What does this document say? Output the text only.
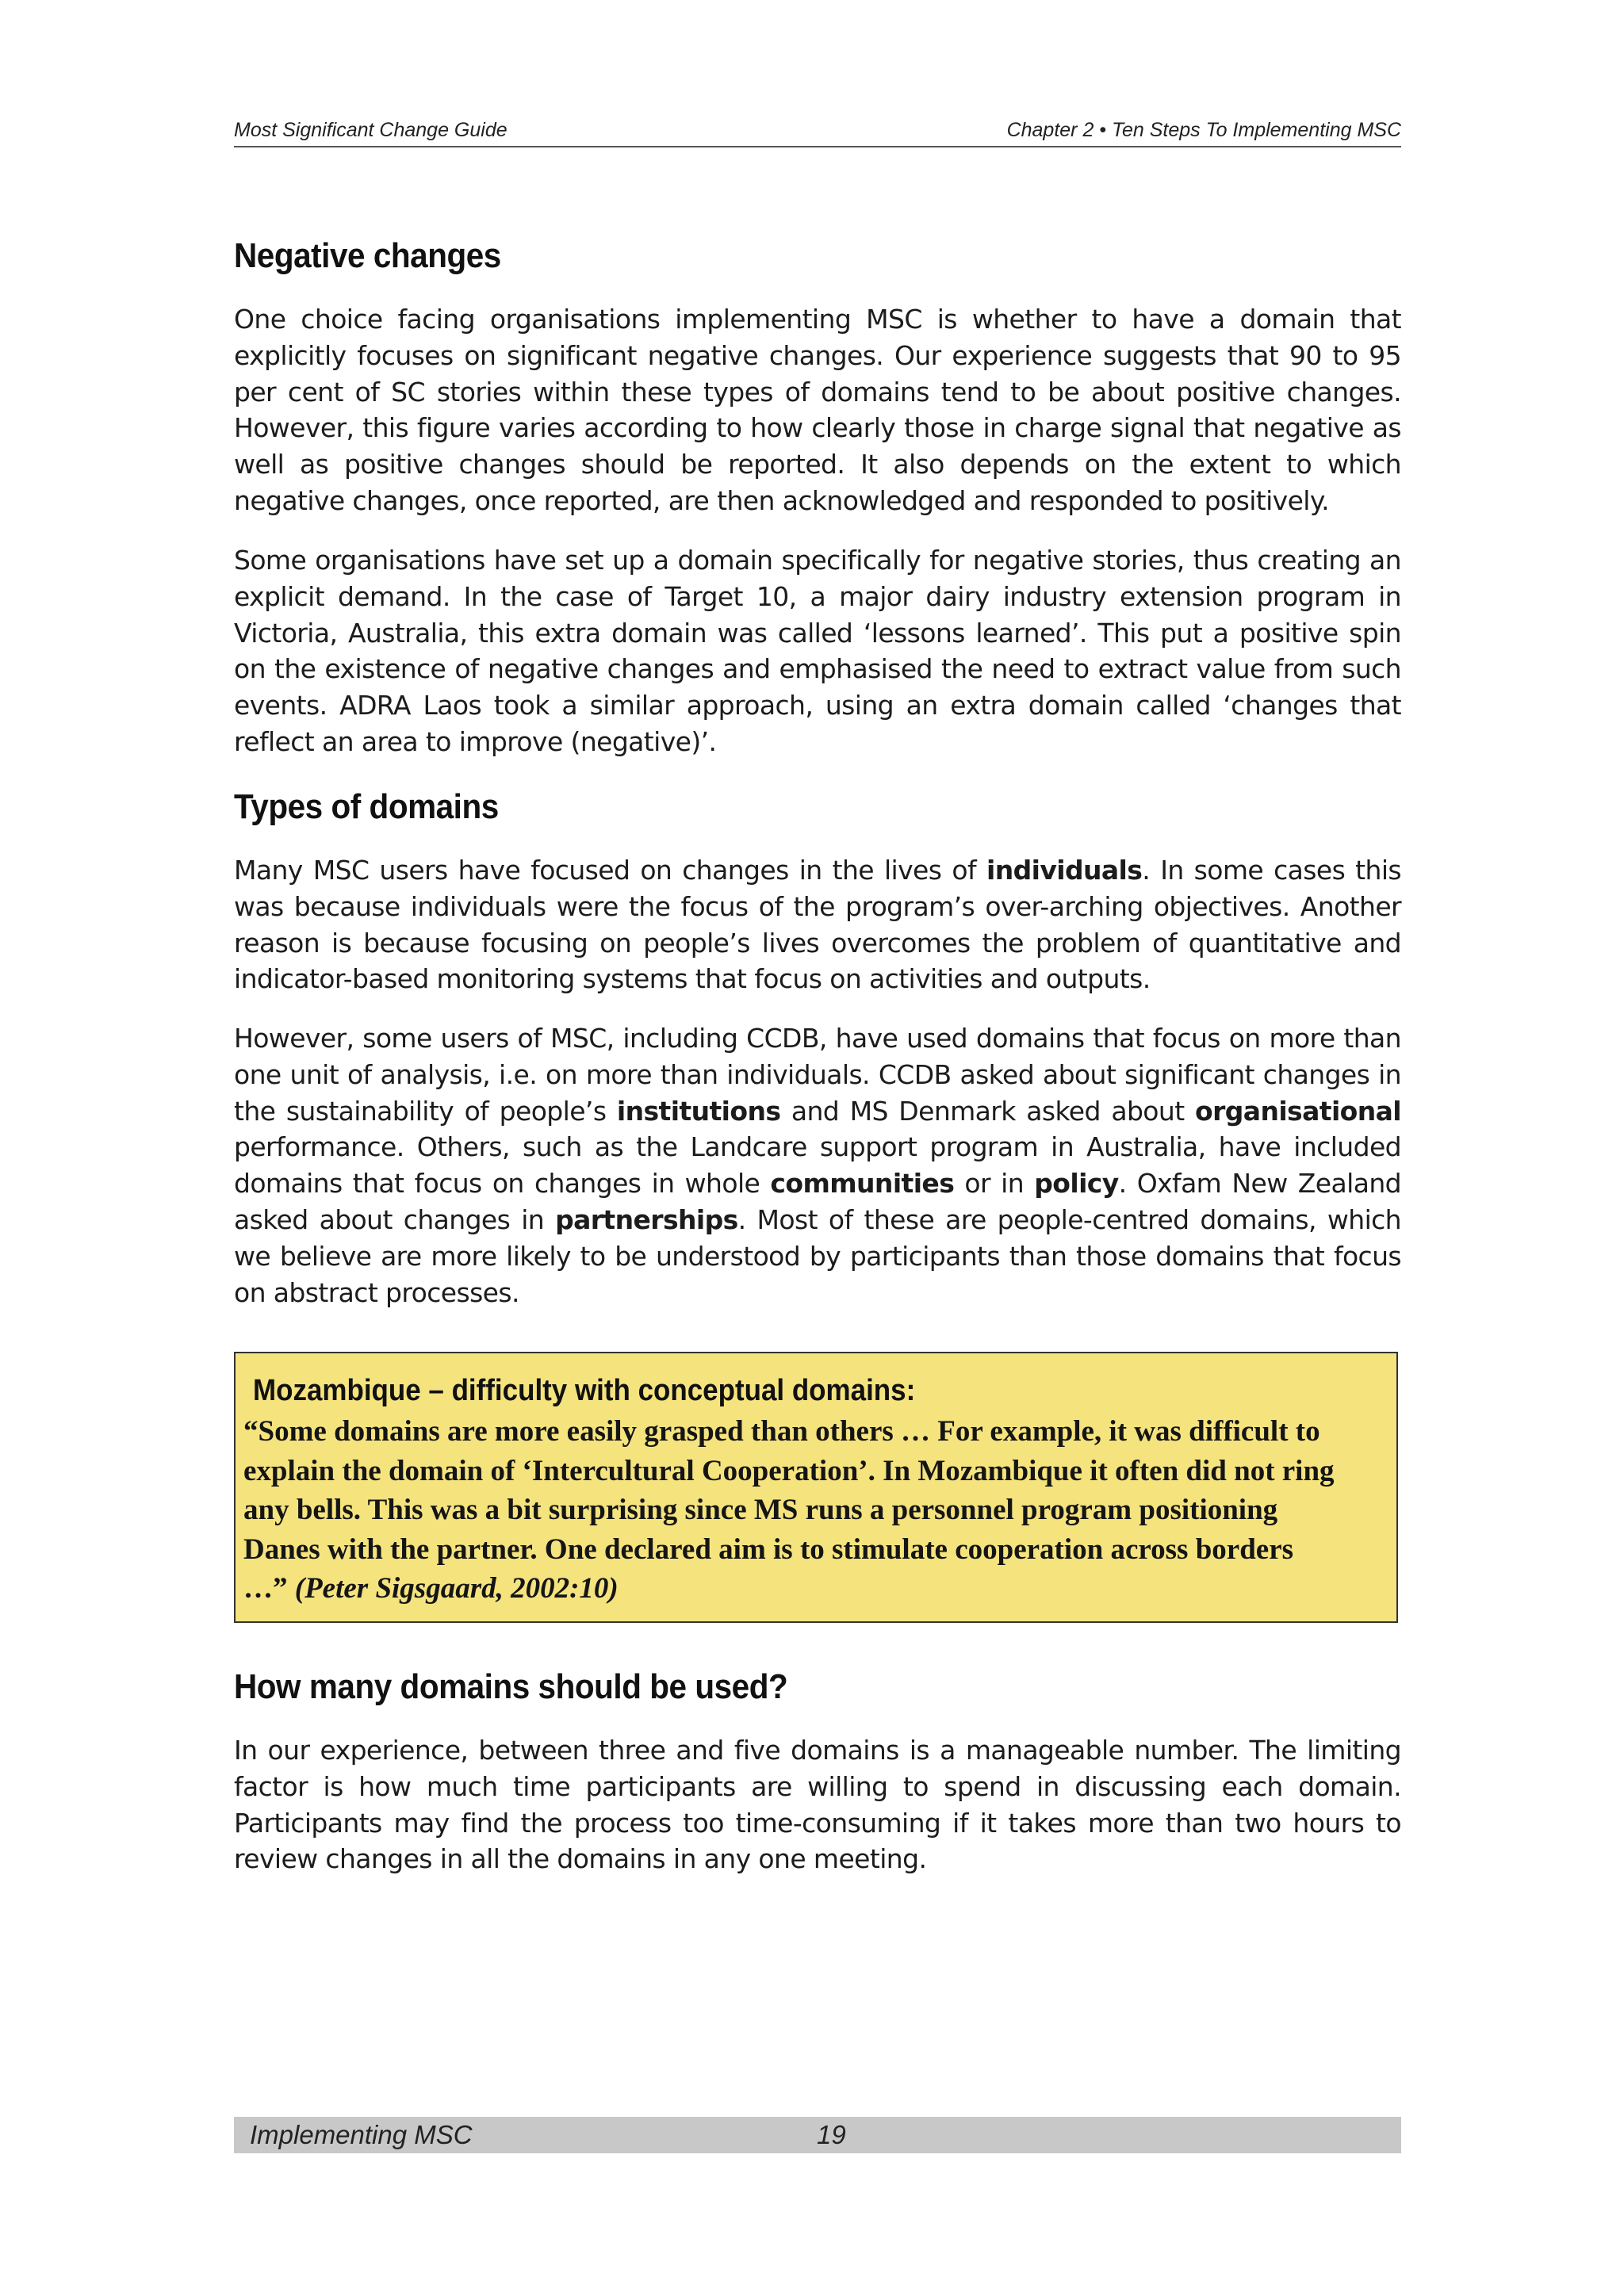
Most Significant Change Guide	Chapter 2 • Ten Steps To Implementing MSC
Negative changes

One choice facing organisations implementing MSC is whether to have a domain that explicitly focuses on significant negative changes. Our experience suggests that 90 to 95 per cent of SC stories within these types of domains tend to be about positive changes. However, this figure varies according to how clearly those in charge signal that negative as well as positive changes should be reported. It also depends on the extent to which negative changes, once reported, are then acknowledged and responded to positively.

Some organisations have set up a domain specifically for negative stories, thus creating an explicit demand. In the case of Target 10, a major dairy industry extension program in Victoria, Australia, this extra domain was called ‘lessons learned’. This put a positive spin on the existence of negative changes and emphasised the need to extract value from such events. ADRA Laos took a similar approach, using an extra domain called ‘changes that reflect an area to improve (negative)’.

Types of domains

Many MSC users have focused on changes in the lives of individuals. In some cases this was because individuals were the focus of the program’s over-arching objectives. Another reason is because focusing on people’s lives overcomes the problem of quantitative and indicator-based monitoring systems that focus on activities and outputs.

However, some users of MSC, including CCDB, have used domains that focus on more than one unit of analysis, i.e. on more than individuals. CCDB asked about significant changes in the sustainability of people’s institutions and MS Denmark asked about organisational performance. Others, such as the Landcare support program in Australia, have included domains that focus on changes in whole communities or in policy. Oxfam New Zealand asked about changes in partnerships. Most of these are people-centred domains, which we believe are more likely to be understood by participants than those domains that focus on abstract processes.

Mozambique – difficulty with conceptual domains:

“Some domains are more easily grasped than others … For example, it was difficult to explain the domain of ‘Intercultural Cooperation’. In Mozambique it often did not ring any bells. This was a bit surprising since MS runs a personnel program positioning Danes with the partner. One declared aim is to stimulate cooperation across borders …” (Peter Sigsgaard, 2002:10)

How many domains should be used?

In our experience, between three and five domains is a manageable number. The limiting factor is how much time participants are willing to spend in discussing each domain. Participants may find the process too time-consuming if it takes more than two hours to review changes in all the domains in any one meeting.

Implementing MSC	19
